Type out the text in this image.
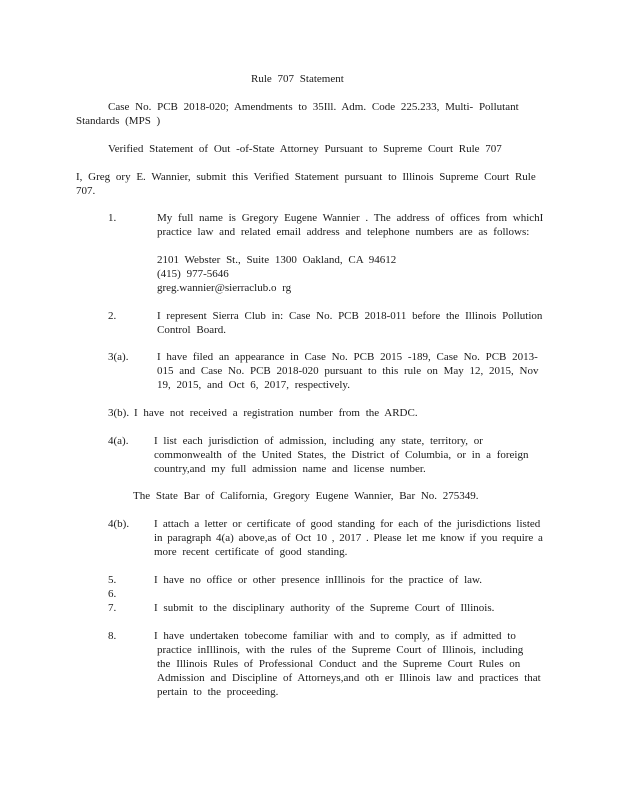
Rule 707 Statement
Case No. PCB 2018-020; Amendments to 35Ill. Adm. Code 225.233, Multi- Pollutant
Standards (MPS )
Verified Statement of Out -of-State Attorney Pursuant to Supreme Court Rule 707
I, Greg ory E. Wannier, submit this Verified Statement pursuant to Illinois Supreme Court Rule
707.
1.	My full name is Gregory Eugene Wannier . The address of offices from whichI
practice law and related email address and telephone numbers are as follows:
2101 Webster St., Suite 1300 Oakland, CA 94612
(415) 977-5646
greg.wannier@sierraclub.o rg
2.	I represent Sierra Club in: Case No. PCB 2018-011 before the Illinois Pollution
Control Board.
3(a).	I have filed an appearance in Case No. PCB 2015 -189, Case No. PCB 2013-
015 and Case No. PCB 2018-020 pursuant to this rule on May 12, 2015, Nov
19, 2015, and Oct 6, 2017, respectively.
3(b). I have not received a registration number from the ARDC.
4(a). I list each jurisdiction of admission, including any state, territory, or
commonwealth of the United States, the District of Columbia, or in a foreign
country,and my full admission name and license number.
The State Bar of California, Gregory Eugene Wannier, Bar No. 275349.
4(b). I attach a letter or certificate of good standing for each of the jurisdictions listed
in paragraph 4(a) above,as of Oct 10 , 2017 . Please let me know if you require a
more recent certificate of good standing.
5.	I have no office or other presence inIllinois for the practice of law.
6.
7.	I submit to the disciplinary authority of the Supreme Court of Illinois.
8.	I have undertaken tobecome familiar with and to comply, as if admitted to
practice inIllinois, with the rules of the Supreme Court of Illinois, including
the Illinois Rules of Professional Conduct and the Supreme Court Rules on
Admission and Discipline of Attorneys,and oth er Illinois law and practices that
pertain to the proceeding.
